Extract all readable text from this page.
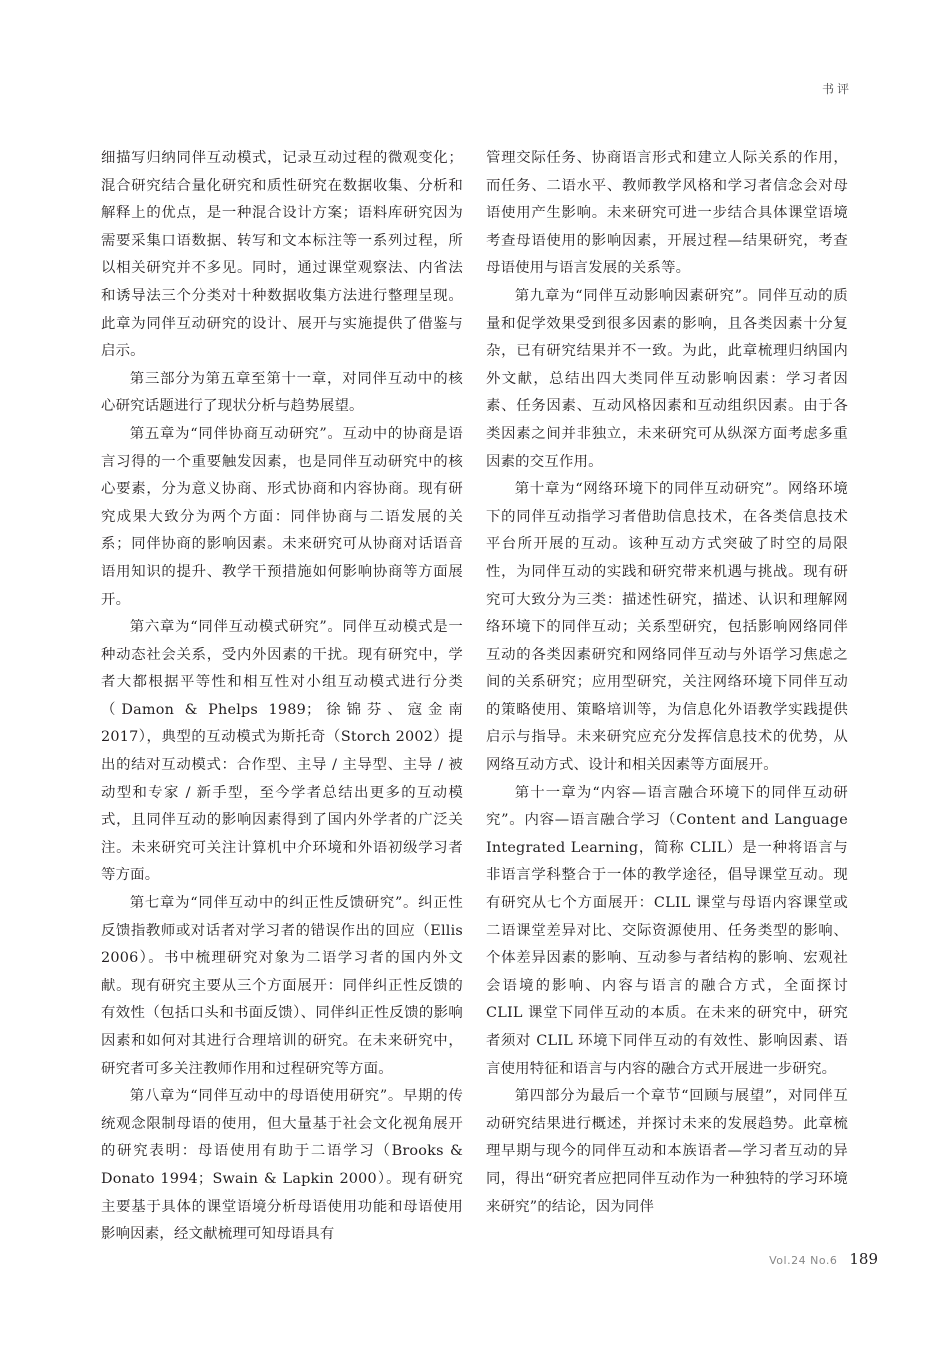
书评

细描写归纳同伴互动模式，记录互动过程的微观变化；混合研究结合量化研究和质性研究在数据收集、分析和解释上的优点，是一种混合设计方案；语料库研究因为需要采集口语数据、转写和文本标注等一系列过程，所以相关研究并不多见。同时，通过课堂观察法、内省法和诱导法三个分类对十种数据收集方法进行整理呈现。此章为同伴互动研究的设计、展开与实施提供了借鉴与启示。

第三部分为第五章至第十一章，对同伴互动中的核心研究话题进行了现状分析与趋势展望。

第五章为“同伴协商互动研究”。互动中的协商是语言习得的一个重要触发因素，也是同伴互动研究中的核心要素，分为意义协商、形式协商和内容协商。现有研究成果大致分为两个方面：同伴协商与二语发展的关系；同伴协商的影响因素。未来研究可从协商对话语音语用知识的提升、教学干预措施如何影响协商等方面展开。

第六章为“同伴互动模式研究”。同伴互动模式是一种动态社会关系，受内外因素的干扰。现有研究中，学者大都根据平等性和相互性对小组互动模式进行分类（Damon & Phelps 1989；徐锦芬、寇金南 2017），典型的互动模式为斯托奇（Storch 2002）提出的结对互动模式：合作型、主导 / 主导型、主导 / 被动型和专家 / 新手型，至今学者总结出更多的互动模式，且同伴互动的影响因素得到了国内外学者的广泛关注。未来研究可关注计算机中介环境和外语初级学习者等方面。

第七章为“同伴互动中的纠正性反馈研究”。纠正性反馈指教师或对话者对学习者的错误作出的回应（Ellis 2006）。书中梳理研究对象为二语学习者的国内外文献。现有研究主要从三个方面展开：同伴纠正性反馈的有效性（包括口头和书面反馈）、同伴纠正性反馈的影响因素和如何对其进行合理培训的研究。在未来研究中，研究者可多关注教师作用和过程研究等方面。

第八章为“同伴互动中的母语使用研究”。早期的传统观念限制母语的使用，但大量基于社会文化视角展开的研究表明：母语使用有助于二语学习（Brooks & Donato 1994；Swain & Lapkin 2000）。现有研究主要基于具体的课堂语境分析母语使用功能和母语使用影响因素，经文献梳理可知母语具有

管理交际任务、协商语言形式和建立人际关系的作用，而任务、二语水平、教师教学风格和学习者信念会对母语使用产生影响。未来研究可进一步结合具体课堂语境考查母语使用的影响因素，开展过程—结果研究，考查母语使用与语言发展的关系等。

第九章为“同伴互动影响因素研究”。同伴互动的质量和促学效果受到很多因素的影响，且各类因素十分复杂，已有研究结果并不一致。为此，此章梳理归纳国内外文献，总结出四大类同伴互动影响因素：学习者因素、任务因素、互动风格因素和互动组织因素。由于各类因素之间并非独立，未来研究可从纵深方面考虑多重因素的交互作用。

第十章为“网络环境下的同伴互动研究”。网络环境下的同伴互动指学习者借助信息技术，在各类信息技术平台所开展的互动。该种互动方式突破了时空的局限性，为同伴互动的实践和研究带来机遇与挑战。现有研究可大致分为三类：描述性研究，描述、认识和理解网络环境下的同伴互动；关系型研究，包括影响网络同伴互动的各类因素研究和网络同伴互动与外语学习焦虑之间的关系研究；应用型研究，关注网络环境下同伴互动的策略使用、策略培训等，为信息化外语教学实践提供启示与指导。未来研究应充分发挥信息技术的优势，从网络互动方式、设计和相关因素等方面展开。

第十一章为“内容—语言融合环境下的同伴互动研究”。内容—语言融合学习（Content and Language Integrated Learning，简称 CLIL）是一种将语言与非语言学科整合于一体的教学途径，倡导课堂互动。现有研究从七个方面展开：CLIL 课堂与母语内容课堂或二语课堂差异对比、交际资源使用、任务类型的影响、个体差异因素的影响、互动参与者结构的影响、宏观社会语境的影响、内容与语言的融合方式，全面探讨 CLIL 课堂下同伴互动的本质。在未来的研究中，研究者须对 CLIL 环境下同伴互动的有效性、影响因素、语言使用特征和语言与内容的融合方式开展进一步研究。

第四部分为最后一个章节“回顾与展望”，对同伴互动研究结果进行概述，并探讨未来的发展趋势。此章梳理早期与现今的同伴互动和本族语者—学习者互动的异同，得出“研究者应把同伴互动作为一种独特的学习环境来研究”的结论，因为同伴

Vol.24 No.6 189
